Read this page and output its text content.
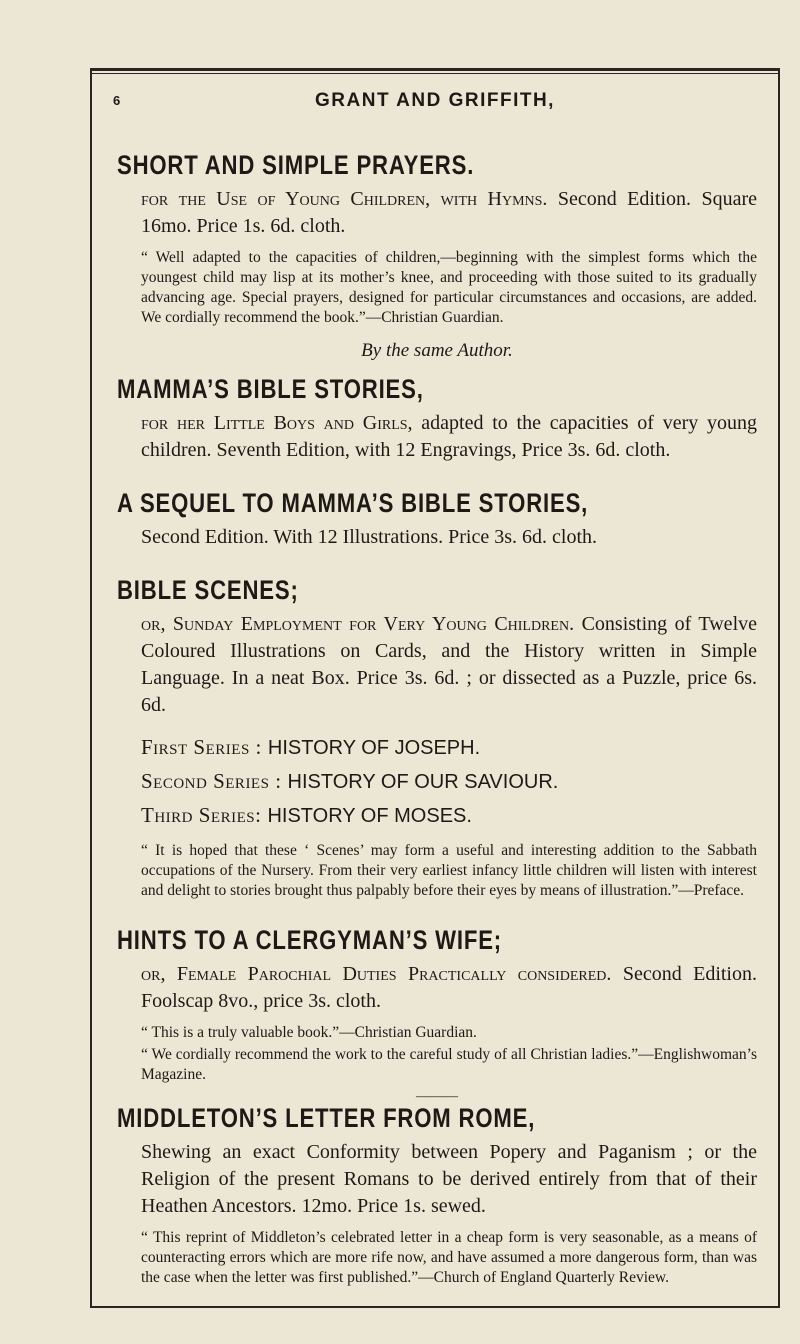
6	GRANT AND GRIFFITH,
SHORT AND SIMPLE PRAYERS.

for the Use of Young Children, with Hymns. Second Edition. Square 16mo. Price 1s. 6d. cloth.

“ Well adapted to the capacities of children,—beginning with the simplest forms which the youngest child may lisp at its mother’s knee, and proceeding with those suited to its gradually advancing age. Special prayers, designed for particular circumstances and occasions, are added. We cordially recommend the book.”—Christian Guardian.

By the same Author.
MAMMA’S BIBLE STORIES,

for her Little Boys and Girls, adapted to the capacities of very young children. Seventh Edition, with 12 Engravings, Price 3s. 6d. cloth.

A SEQUEL TO MAMMA’S BIBLE STORIES,

Second Edition. With 12 Illustrations. Price 3s. 6d. cloth.

BIBLE SCENES;

or, Sunday Employment for Very Young Children. Consisting of Twelve Coloured Illustrations on Cards, and the History written in Simple Language. In a neat Box. Price 3s. 6d. ; or dissected as a Puzzle, price 6s. 6d.

First Series : HISTORY OF JOSEPH.
Second Series : HISTORY OF OUR SAVIOUR.
Third Series: HISTORY OF MOSES.

“ It is hoped that these ‘ Scenes’ may form a useful and interesting addition to the Sabbath occupations of the Nursery. From their very earliest infancy little children will listen with interest and delight to stories brought thus palpably before their eyes by means of illustration.”—Preface.

HINTS TO A CLERGYMAN’S WIFE;

or, Female Parochial Duties Practically considered. Second Edition. Foolscap 8vo., price 3s. cloth.

“ This is a truly valuable book.”—Christian Guardian.

“ We cordially recommend the work to the careful study of all Christian ladies.”—Englishwoman’s Magazine.

———
MIDDLETON’S LETTER FROM ROME,

Shewing an exact Conformity between Popery and Paganism ; or the Religion of the present Romans to be derived entirely from that of their Heathen Ancestors. 12mo. Price 1s. sewed.

“ This reprint of Middleton’s celebrated letter in a cheap form is very seasonable, as a means of counteracting errors which are more rife now, and have assumed a more dangerous form, than was the case when the letter was first published.”—Church of England Quarterly Review.
